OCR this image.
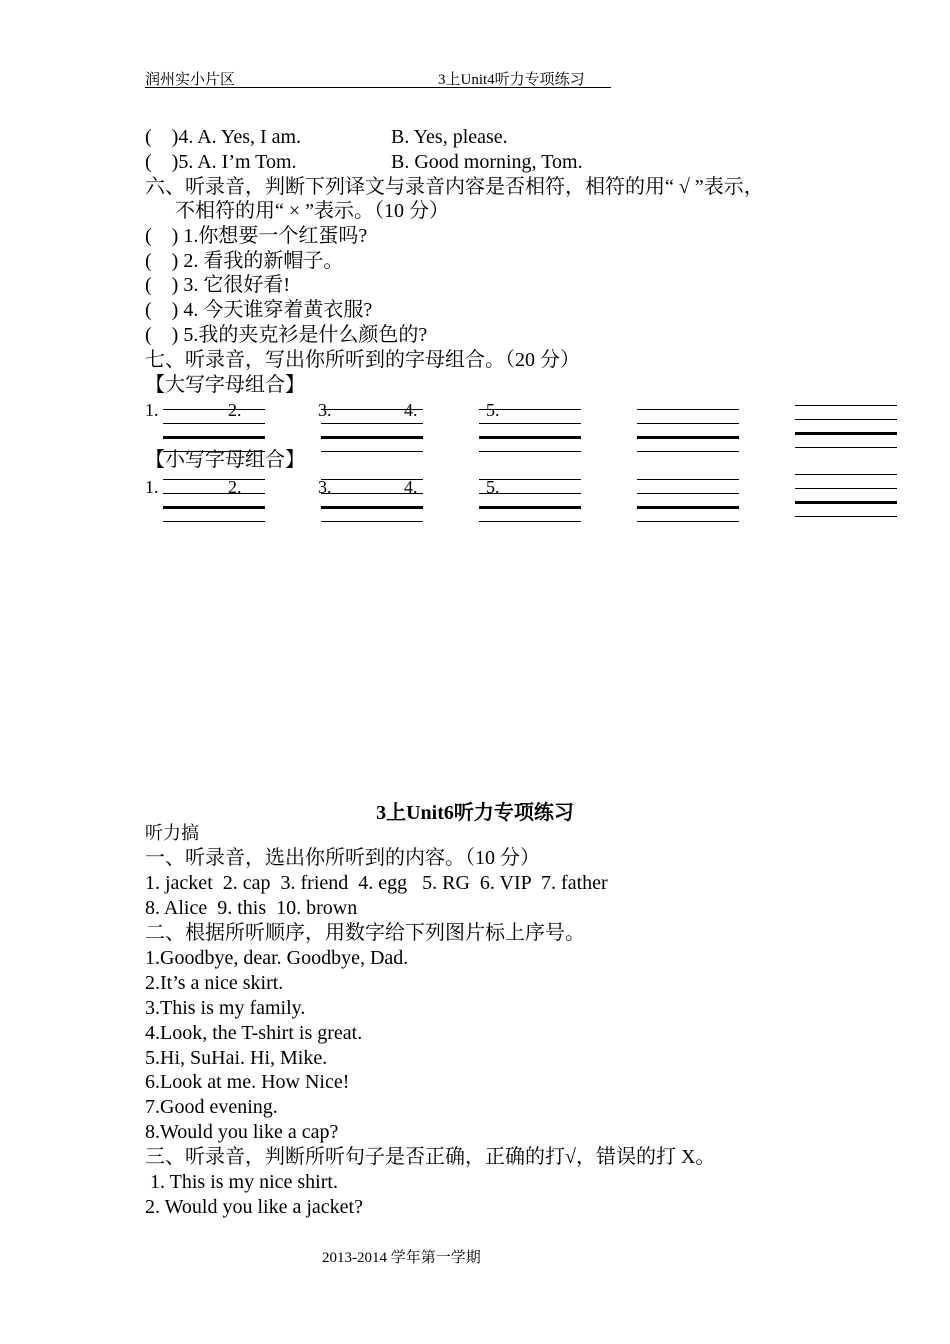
润州实小片区	3上Unit4听力专项练习
(    )4. A. Yes, I am.	B. Yes, please.
(    )5. A. I’m Tom.	B. Good morning, Tom.
六、听录音，判断下列译文与录音内容是否相符，相符的用“ √ ”表示，
不相符的用“ × ”表示。（10 分）
(    ) 1.你想要一个红蛋吗?
(    ) 2. 看我的新帽子。
(    ) 3. 它很好看!
(    ) 4. 今天谁穿着黄衣服?
(    ) 5.我的夹克衫是什么颜色的?
七、听录音，写出你所听到的字母组合。（20 分）
【大写字母组合】
1.	2.	3.	4.	5.
【小写字母组合】
1.	2.	3.	4.	5.
3上Unit6听力专项练习
听力搞
一、听录音，选出你所听到的内容。（10 分）
1. jacket  2. cap  3. friend  4. egg   5. RG  6. VIP  7. father
8. Alice  9. this  10. brown
二、根据所听顺序，用数字给下列图片标上序号。
1.Goodbye, dear. Goodbye, Dad.
2.It’s a nice skirt.
3.This is my family.
4.Look, the T-shirt is great.
5.Hi, SuHai. Hi, Mike.
6.Look at me. How Nice!
7.Good evening.
8.Would you like a cap?
三、听录音，判断所听句子是否正确，正确的打√，错误的打 X。
1. This is my nice shirt.
2. Would you like a jacket?
2013-2014 学年第一学期
